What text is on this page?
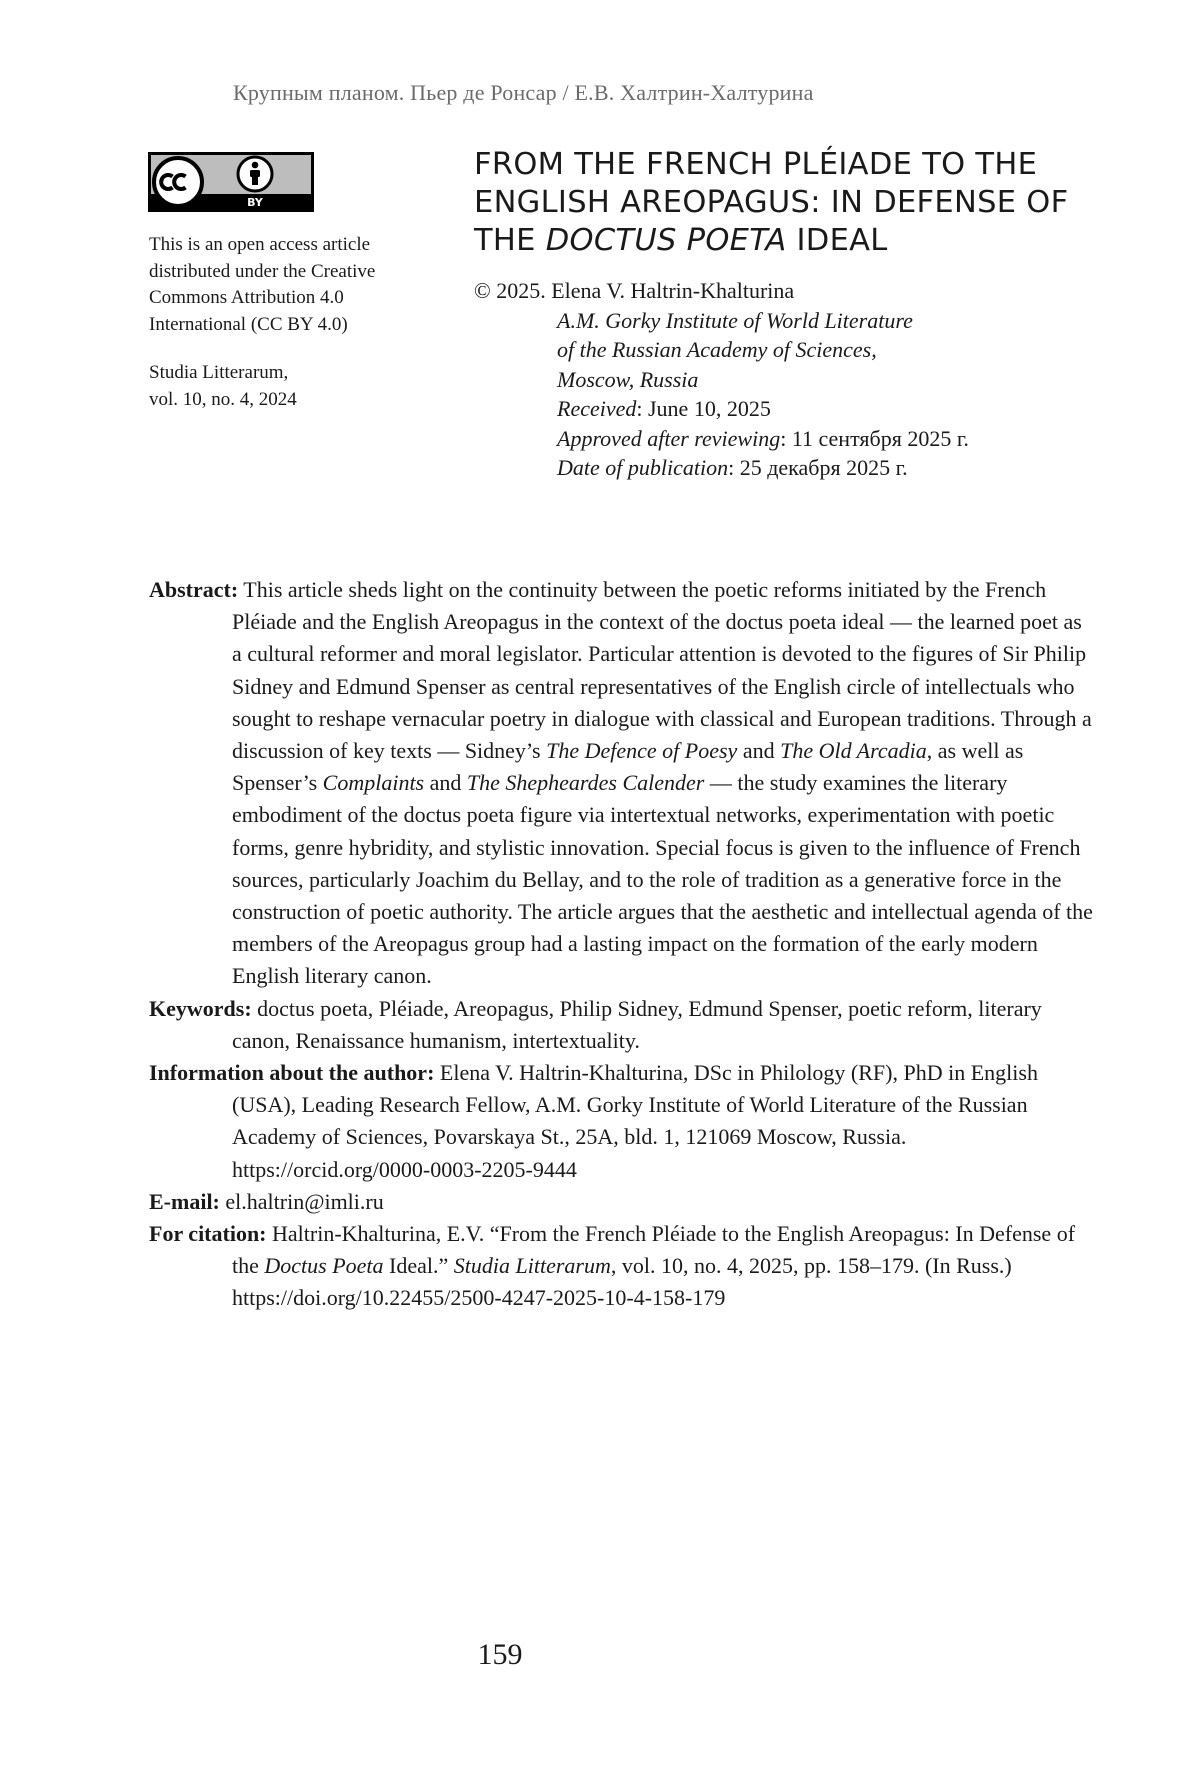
Крупным планом. Пьер де Ронсар / Е.В. Халтрин-Халтурина
BY
This is an open access article
distributed under the Creative
Commons Attribution 4.0
International (CC BY 4.0)
Studia Litterarum,
vol. 10, no. 4, 2024
FROM THE FRENCH PLÉIADE TO THE
ENGLISH AREOPAGUS: IN DEFENSE OF
THE DOCTUS POETA IDEAL
© 2025. Elena V. Haltrin-Khalturina
A.M. Gorky Institute of World Literature
of the Russian Academy of Sciences,
Moscow, Russia
Received: June 10, 2025
Approved after reviewing: 11 сентября 2025 г.
Date of publication: 25 декабря 2025 г.

Abstract: This article sheds light on the continuity between the poetic reforms initiated by the French Pléiade and the English Areopagus in the context of the doctus poeta ideal — the learned poet as a cultural reformer and moral legislator. Particular attention is devoted to the figures of Sir Philip Sidney and Edmund Spenser as central representatives of the English circle of intellectuals who sought to reshape vernacular poetry in dialogue with classical and European traditions. Through a discussion of key texts — Sidney’s The Defence of Poesy and The Old Arcadia, as well as Spenser’s Complaints and The Shepheardes Calender — the study examines the literary embodiment of the doctus poeta figure via intertextual networks, experimentation with poetic forms, genre hybridity, and stylistic innovation. Special focus is given to the influence of French sources, particularly Joachim du Bellay, and to the role of tradition as a generative force in the construction of poetic authority. The article argues that the aesthetic and intellectual agenda of the members of the Areopagus group had a lasting impact on the formation of the early modern English literary canon.

Keywords: doctus poeta, Pléiade, Areopagus, Philip Sidney, Edmund Spenser, poetic reform, literary canon, Renaissance humanism, intertextuality.

Information about the author: Elena V. Haltrin-Khalturina, DSc in Philology (RF), PhD in English (USA), Leading Research Fellow, A.M. Gorky Institute of World Literature of the Russian Academy of Sciences, Povarskaya St., 25A, bld. 1, 121069 Moscow, Russia. https://orcid.org/0000-0003-2205-9444

E-mail: el.haltrin@imli.ru

For citation: Haltrin-Khalturina, E.V. “From the French Pléiade to the English Areopagus: In Defense of the Doctus Poeta Ideal.” Studia Litterarum, vol. 10, no. 4, 2025, pp. 158–179. (In Russ.) https://doi.org/10.22455/2500-4247-2025-10-4-158-179

159
